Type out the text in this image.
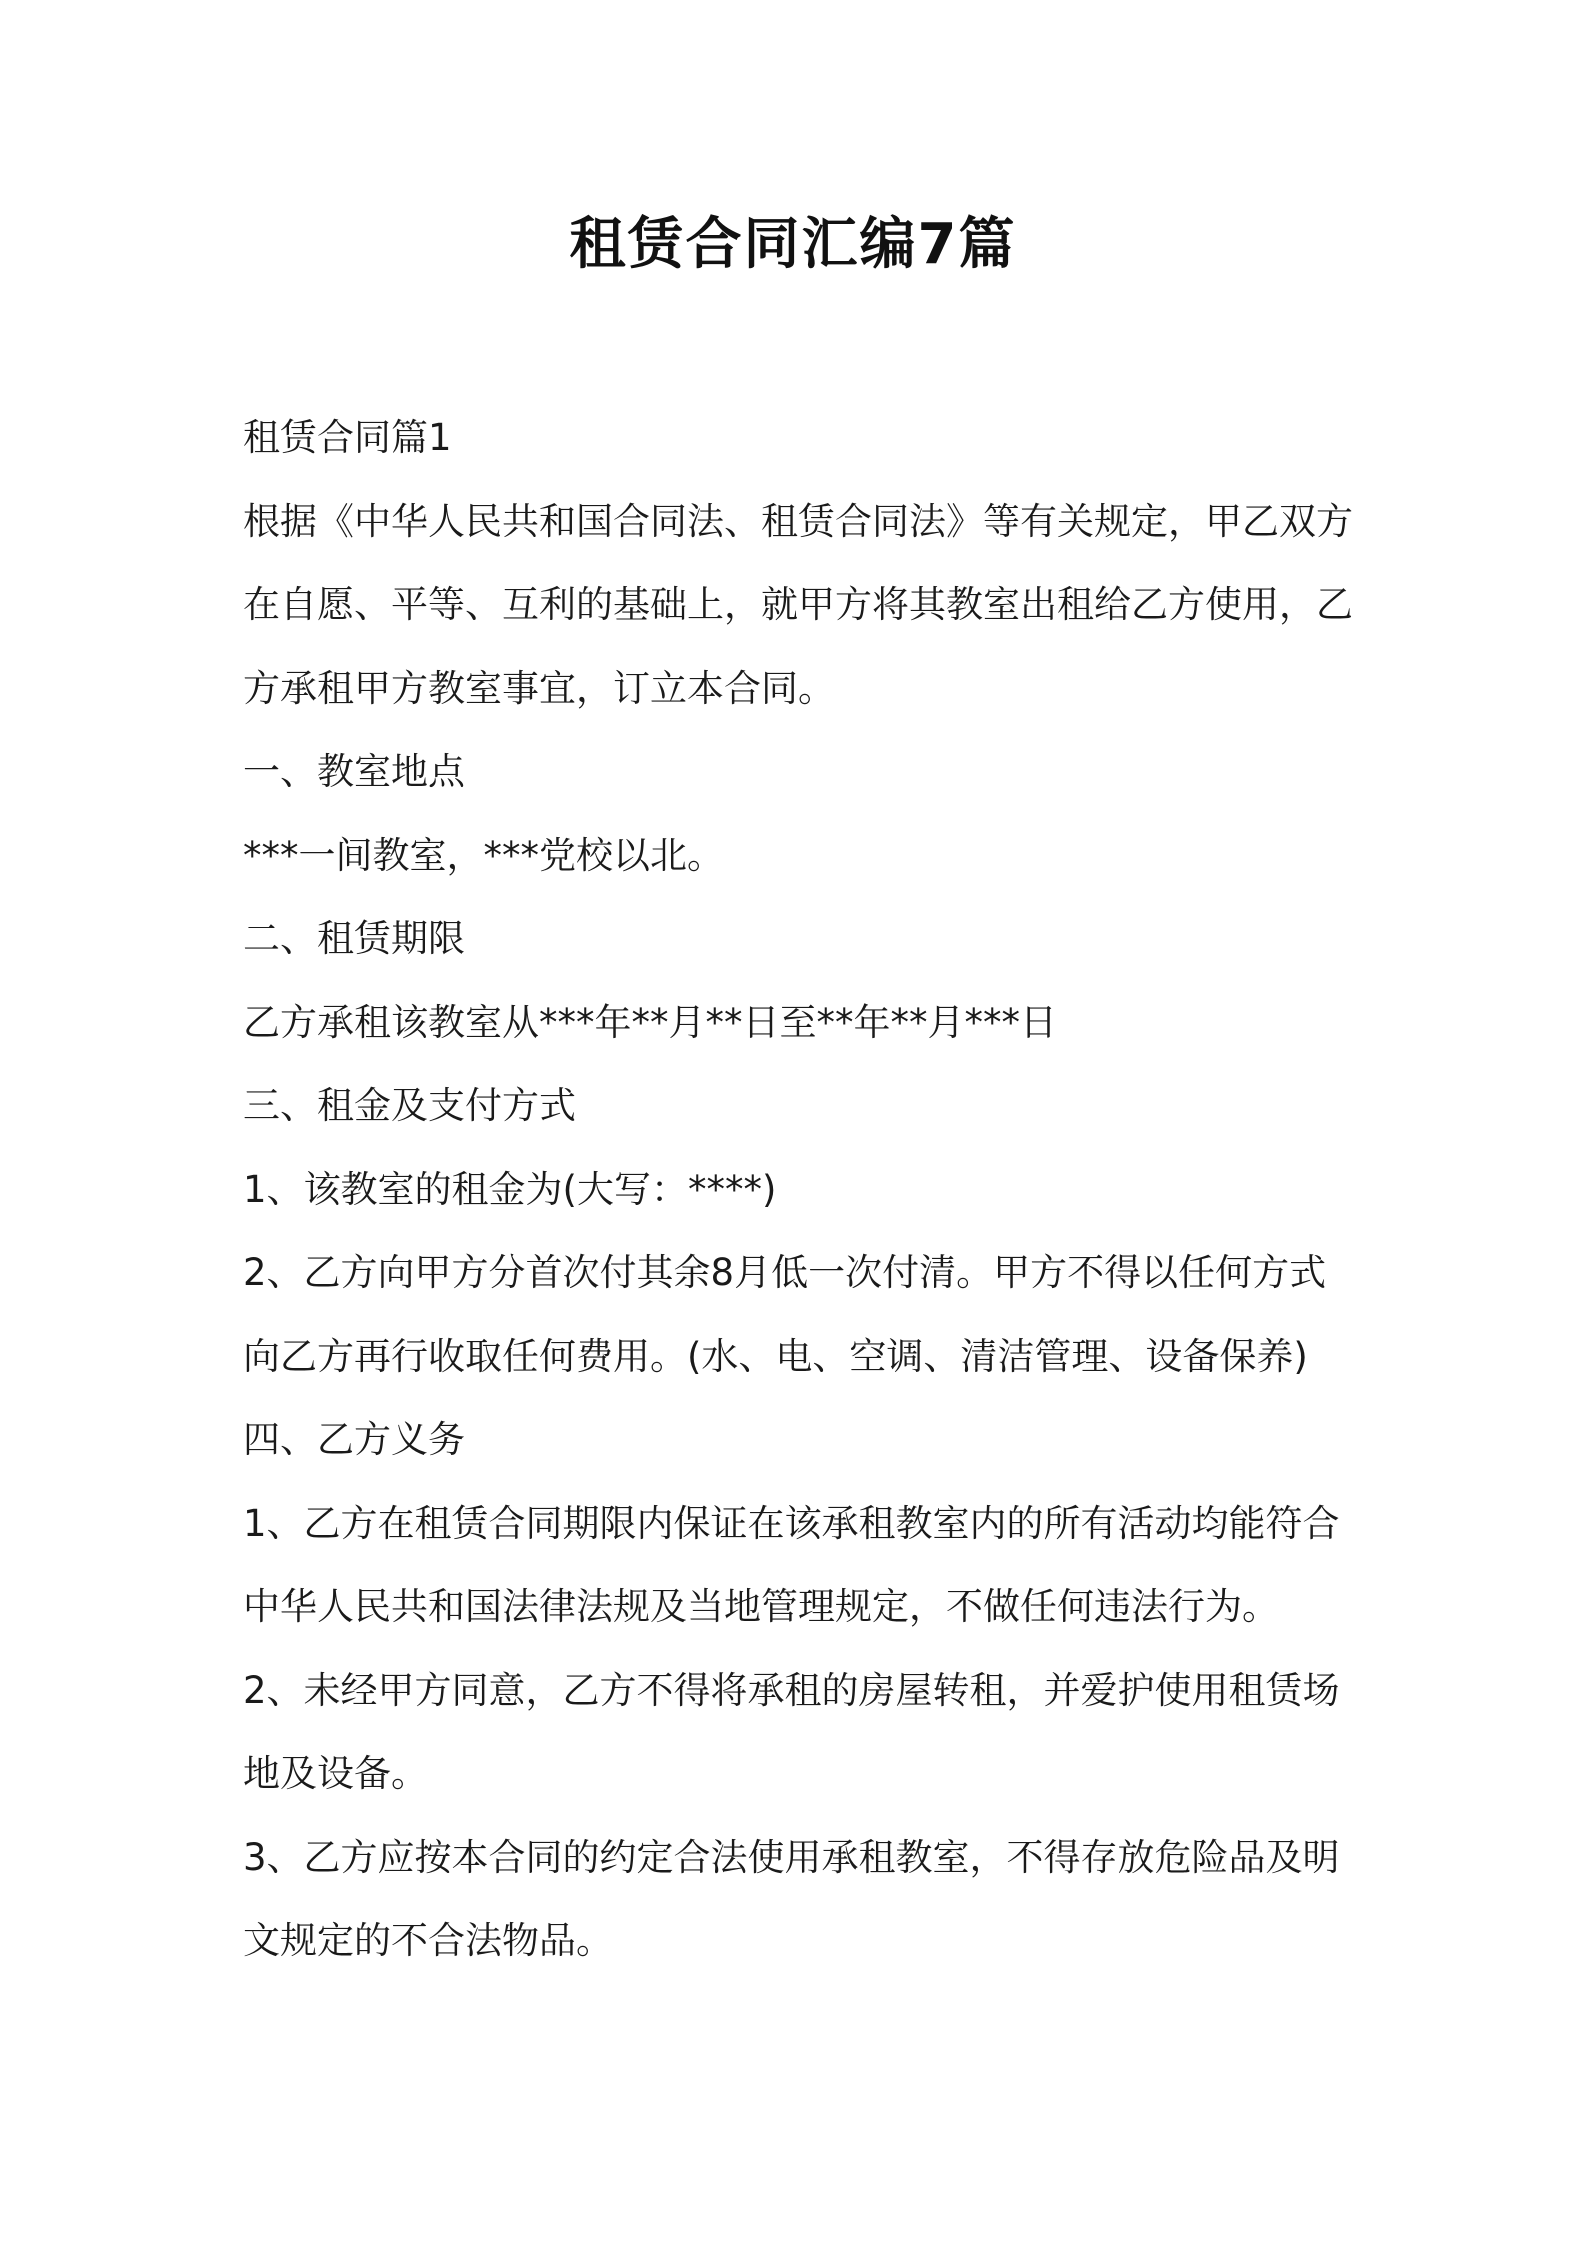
租赁合同汇编7篇
租赁合同篇1
根据《中华人民共和国合同法、租赁合同法》等有关规定，甲乙双方
在自愿、平等、互利的基础上，就甲方将其教室出租给乙方使用，乙
方承租甲方教室事宜，订立本合同。
一、教室地点
***一间教室，***党校以北。
二、租赁期限
乙方承租该教室从***年**月**日至**年**月***日
三、租金及支付方式
1、该教室的租金为(大写：****)
2、乙方向甲方分首次付其余8月低一次付清。甲方不得以任何方式
向乙方再行收取任何费用。(水、电、空调、清洁管理、设备保养)
四、乙方义务
1、乙方在租赁合同期限内保证在该承租教室内的所有活动均能符合
中华人民共和国法律法规及当地管理规定，不做任何违法行为。
2、未经甲方同意，乙方不得将承租的房屋转租，并爱护使用租赁场
地及设备。
3、乙方应按本合同的约定合法使用承租教室，不得存放危险品及明
文规定的不合法物品。
